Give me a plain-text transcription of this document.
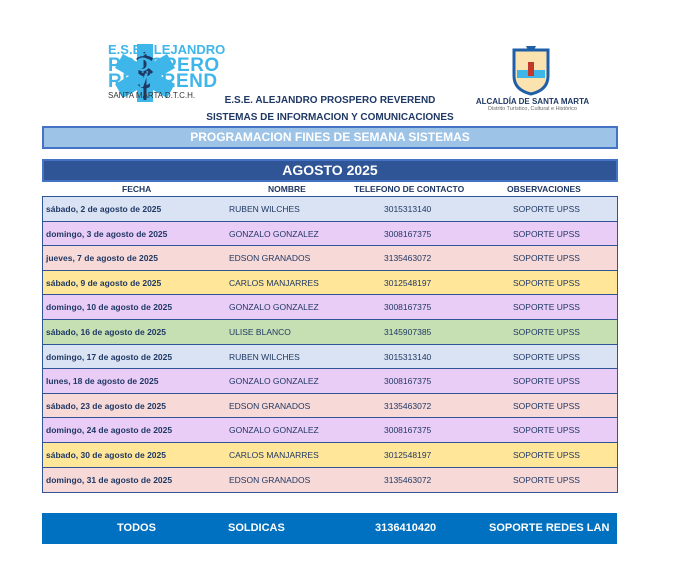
E.S.E ALEJANDRO
PRÓSPERO
REVEREND
SANTA MARTA D.T.C.H.	E.S.E. ALEJANDRO PROSPERO REVEREND
SISTEMAS DE INFORMACION Y COMUNICACIONES
ALCALDÍA DE SANTA MARTA
Distrito Turístico, Cultural e Histórico
PROGRAMACION FINES DE SEMANA SISTEMAS
AGOSTO 2025
FECHA	NOMBRE	TELEFONO DE CONTACTO	OBSERVACIONES
sábado, 2 de agosto de 2025	RUBEN WILCHES	3015313140	SOPORTE UPSS
domingo, 3 de agosto de 2025	GONZALO GONZALEZ	3008167375	SOPORTE UPSS
jueves, 7 de agosto de 2025	EDSON GRANADOS	3135463072	SOPORTE UPSS
sábado, 9 de agosto de 2025	CARLOS MANJARRES	3012548197	SOPORTE UPSS
domingo, 10 de agosto de 2025	GONZALO GONZALEZ	3008167375	SOPORTE UPSS
sábado, 16 de agosto de 2025	ULISE BLANCO	3145907385	SOPORTE UPSS
domingo, 17 de agosto de 2025	RUBEN WILCHES	3015313140	SOPORTE UPSS
lunes, 18 de agosto de 2025	GONZALO GONZALEZ	3008167375	SOPORTE UPSS
sábado, 23 de agosto de 2025	EDSON GRANADOS	3135463072	SOPORTE UPSS
domingo, 24 de agosto de 2025	GONZALO GONZALEZ	3008167375	SOPORTE UPSS
sábado, 30 de agosto de 2025	CARLOS MANJARRES	3012548197	SOPORTE UPSS
domingo, 31 de agosto de 2025	EDSON GRANADOS	3135463072	SOPORTE UPSS
TODOS	SOLDICAS	3136410420	SOPORTE REDES LAN
